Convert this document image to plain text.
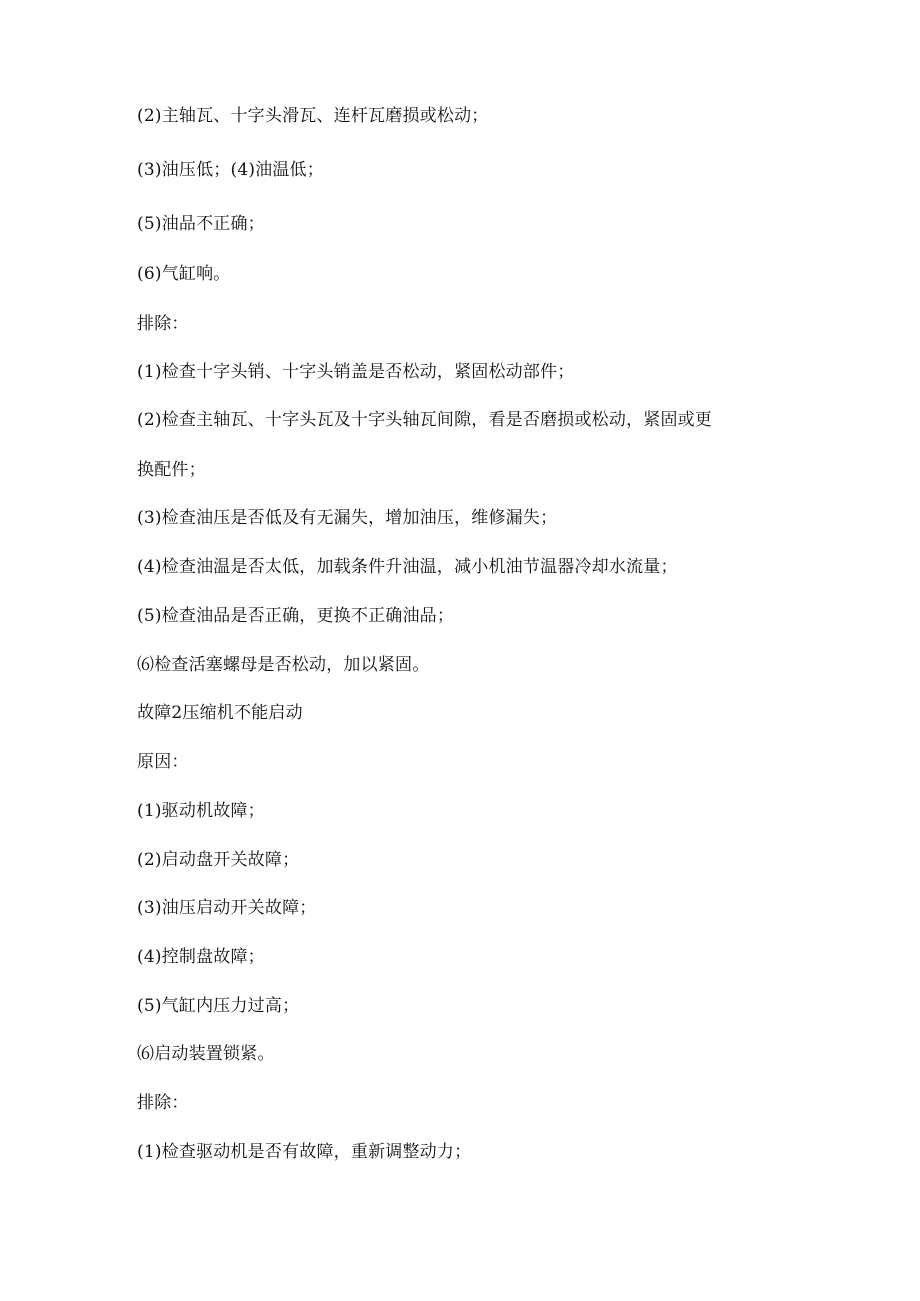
(2)主轴瓦、十字头滑瓦、连杆瓦磨损或松动；
(3)油压低；(4)油温低；
(5)油品不正确；
(6)气缸响。
排除：
(1)检查十字头销、十字头销盖是否松动，紧固松动部件；
(2)检查主轴瓦、十字头瓦及十字头轴瓦间隙，看是否磨损或松动，紧固或更
换配件；
(3)检查油压是否低及有无漏失，增加油压，维修漏失；
(4)检查油温是否太低，加载条件升油温，减小机油节温器冷却水流量；
(5)检查油品是否正确，更换不正确油品；
⑹检查活塞螺母是否松动，加以紧固。
故障2压缩机不能启动
原因：
(1)驱动机故障；
(2)启动盘开关故障；
(3)油压启动开关故障；
(4)控制盘故障；
(5)气缸内压力过高；
⑹启动装置锁紧。
排除：
(1)检查驱动机是否有故障，重新调整动力；
